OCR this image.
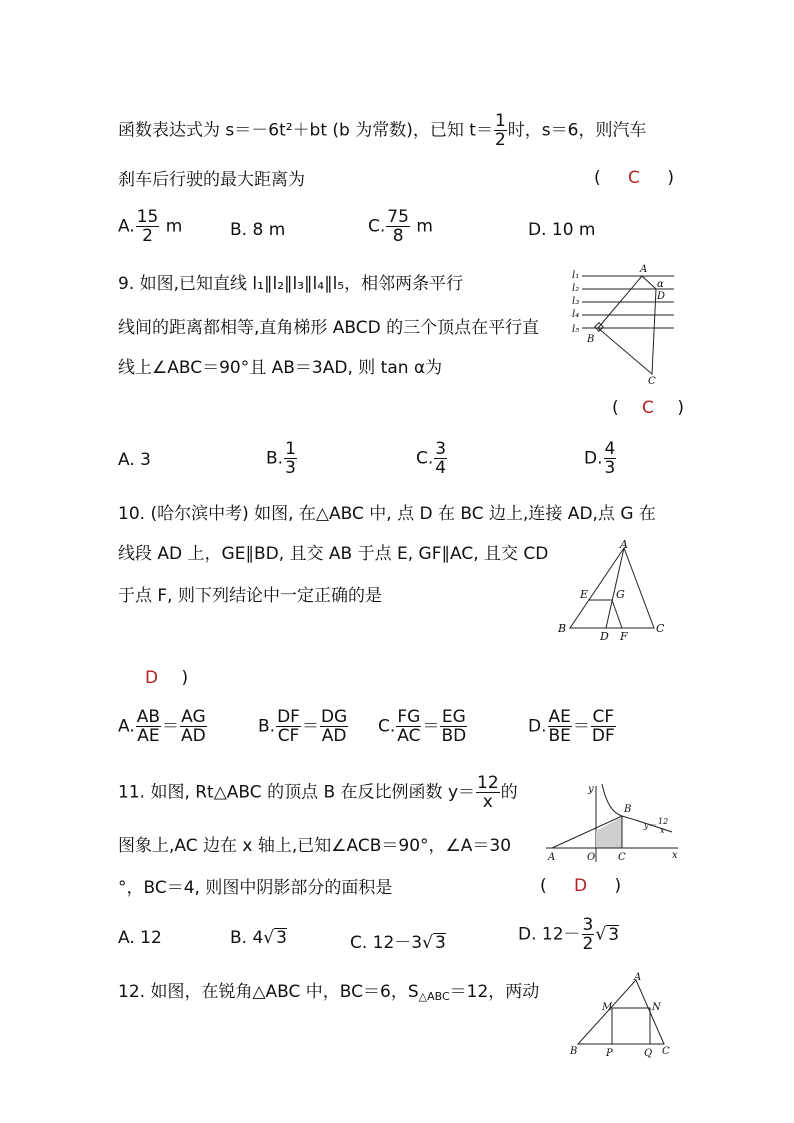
函数表达式为 s＝－6t²＋bt (b 为常数)，已知 $t= \frac{1}{2}$ 时，s＝6，则汽车
刹车后行驶的最大距离为	( C )
A. $\frac{15}{2}$ m	B. 8 m	C. $\frac{75}{8}$ m	D. 10 m
9. 如图,已知直线 l₁∥l₂∥l₃∥l₄∥l₅，相邻两条平行
线间的距离都相等,直角梯形 ABCD 的三个顶点在平行直
线上∠ABC＝90°且 AB＝3AD, 则 tan α为
( C )
l₁
l₂
l₃
l₄
l₅
A
α
D
B
C
A. 3	B. $\frac{1}{3}$	C. $\frac{3}{4}$	D. $\frac{4}{3}$
10. (哈尔滨中考) 如图, 在△ABC 中, 点 D 在 BC 边上,连接 AD,点 G 在
线段 AD 上，GE∥BD, 且交 AB 于点 E, GF∥AC, 且交 CD
于点 F, 则下列结论中一定正确的是
A
B	C
D
E	G
F
D )
A. $\frac{AB}{AE} = \frac{AG}{AD}$	B. $\frac{DF}{CF} = \frac{DG}{AD} C$. $\frac{FG}{AC} = \frac{EG}{BD}$	D. $\frac{AE}{BE} = \frac{CF}{DF}$
11. 如图, Rt△ABC 的顶点 B 在反比例函数 $y= \frac{12}{x}$ 的
图象上,AC 边在 x 轴上,已知∠ACB＝90°，∠A＝30
°，BC＝4, 则图中阴影部分的面积是	( D )
A	O C
B
x
y
y＝ 12
x
A. 12	B. 4√ 3	C. 12－3√ 3	D. $12- \frac{3}{2}$ √ 3
12. 如图，在锐角△ABC 中，BC＝6，$S_{\triangle ABC}=12$，两动
A
B	C
M	N
P	Q
